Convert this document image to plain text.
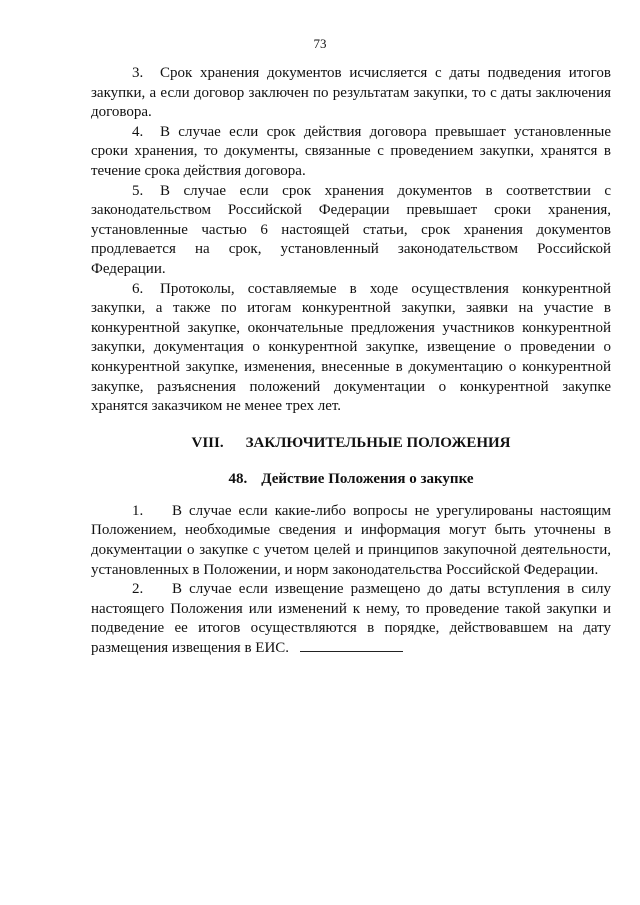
73

3. Срок хранения документов исчисляется с даты подведения итогов закупки, а если договор заключен по результатам закупки, то с даты заключения договора.

4. В случае если срок действия договора превышает установленные сроки хранения, то документы, связанные с проведением закупки, хранятся в течение срока действия договора.

5. В случае если срок хранения документов в соответствии с законодательством Российской Федерации превышает сроки хранения, установленные частью 6 настоящей статьи, срок хранения документов продлевается на срок, установленный законодательством Российской Федерации.

6. Протоколы, составляемые в ходе осуществления конкурентной закупки, а также по итогам конкурентной закупки, заявки на участие в конкурентной закупке, окончательные предложения участников конкурентной закупки, документация о конкурентной закупке, извещение о проведении о конкурентной закупке, изменения, внесенные в документацию о конкурентной закупке, разъяснения положений документации о конкурентной закупке хранятся заказчиком не менее трех лет.

VIII. ЗАКЛЮЧИТЕЛЬНЫЕ ПОЛОЖЕНИЯ
48. Действие Положения о закупке

1. В случае если какие-либо вопросы не урегулированы настоящим Положением, необходимые сведения и информация могут быть уточнены в документации о закупке с учетом целей и принципов закупочной деятельности, установленных в Положении, и норм законодательства Российской Федерации.

2. В случае если извещение размещено до даты вступления в силу настоящего Положения или изменений к нему, то проведение такой закупки и подведение ее итогов осуществляются в порядке, действовавшем на дату размещения извещения в ЕИС.
